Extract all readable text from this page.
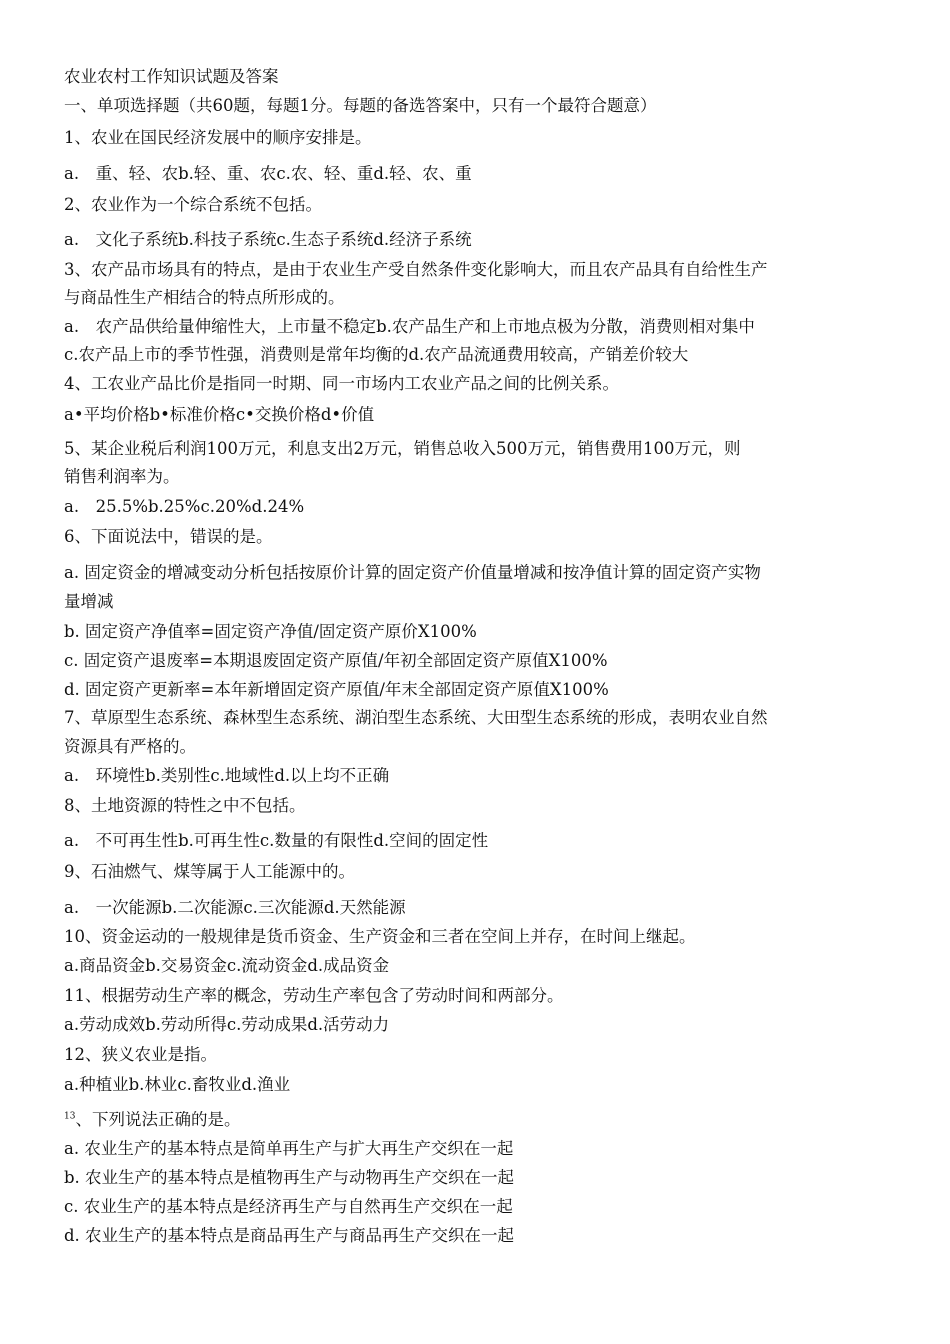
农业农村工作知识试题及答案
一、单项选择题（共60题，每题1分。每题的备选答案中，只有一个最符合题意）
1、农业在国民经济发展中的顺序安排是。
a.　重、轻、农b.轻、重、农c.农、轻、重d.轻、农、重
2、农业作为一个综合系统不包括。
a.　文化子系统b.科技子系统c.生态子系统d.经济子系统
3、农产品市场具有的特点，是由于农业生产受自然条件变化影响大，而且农产品具有自给性生产
与商品性生产相结合的特点所形成的。
a.　农产品供给量伸缩性大，上市量不稳定b.农产品生产和上市地点极为分散，消费则相对集中
c.农产品上市的季节性强，消费则是常年均衡的d.农产品流通费用较高，产销差价较大
4、工农业产品比价是指同一时期、同一市场内工农业产品之间的比例关系。
a•平均价格b•标准价格c•交换价格d•价值
5、某企业税后利润100万元，利息支出2万元，销售总收入500万元，销售费用100万元，则
销售利润率为。
a.　25.5%b.25%c.20%d.24%
6、下面说法中，错误的是。
a. 固定资金的增减变动分析包括按原价计算的固定资产价值量增减和按净值计算的固定资产实物
量增减
b. 固定资产净值率=固定资产净值/固定资产原价X100%
c. 固定资产退废率=本期退废固定资产原值/年初全部固定资产原值X100%
d. 固定资产更新率=本年新增固定资产原值/年末全部固定资产原值X100%
7、草原型生态系统、森林型生态系统、湖泊型生态系统、大田型生态系统的形成，表明农业自然
资源具有严格的。
a.　环境性b.类别性c.地域性d.以上均不正确
8、土地资源的特性之中不包括。
a.　不可再生性b.可再生性c.数量的有限性d.空间的固定性
9、石油燃气、煤等属于人工能源中的。
a.　一次能源b.二次能源c.三次能源d.天然能源
10、资金运动的一般规律是货币资金、生产资金和三者在空间上并存，在时间上继起。
a.商品资金b.交易资金c.流动资金d.成品资金
11、根据劳动生产率的概念，劳动生产率包含了劳动时间和两部分。
a.劳动成效b.劳动所得c.劳动成果d.活劳动力
12、狭义农业是指。
a.种植业b.林业c.畜牧业d.渔业
$^{13}$、下列说法正确的是。
a. 农业生产的基本特点是简单再生产与扩大再生产交织在一起
b. 农业生产的基本特点是植物再生产与动物再生产交织在一起
c. 农业生产的基本特点是经济再生产与自然再生产交织在一起
d. 农业生产的基本特点是商品再生产与商品再生产交织在一起
